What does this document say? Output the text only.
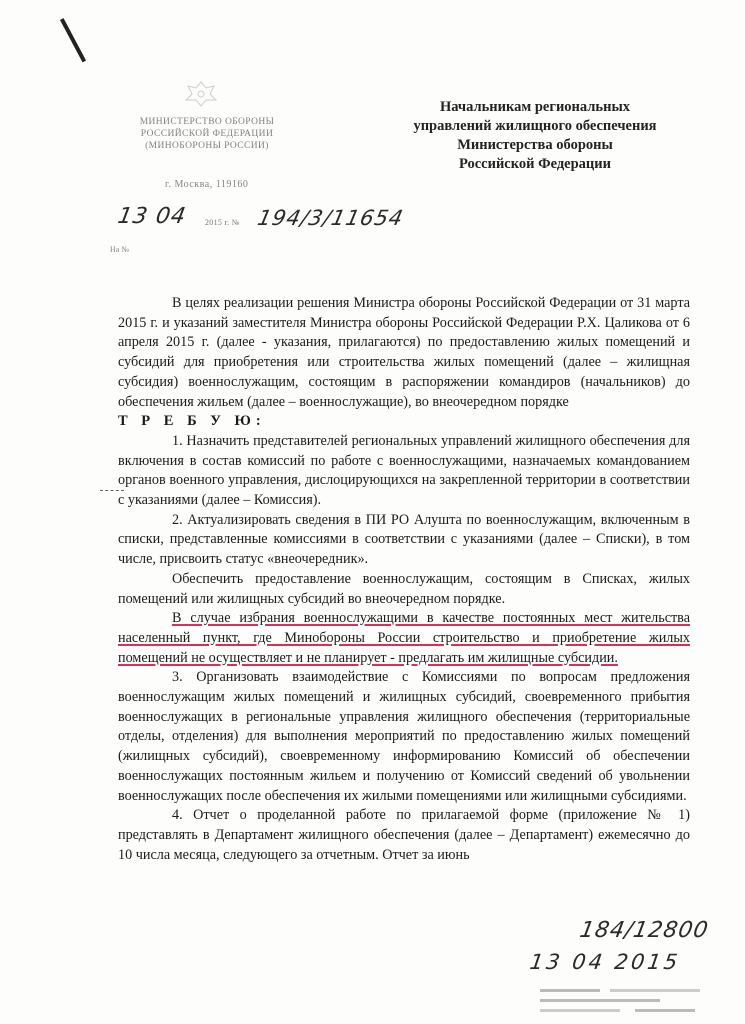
МИНИСТЕРСТВО ОБОРОНЫ
РОССИЙСКОЙ ФЕДЕРАЦИИ
(МИНОБОРОНЫ РОССИИ)
г. Москва, 119160
Начальникам региональных
управлений жилищного обеспечения
Министерства обороны
Российской Федерации
13 04 2015 г. № 194/3/11654
На №

В целях реализации решения Министра обороны Российской Федерации от 31 марта 2015 г. и указаний заместителя Министра обороны Российской Федерации Р.Х. Цаликова от 6 апреля 2015 г. (далее - указания, прилагаются) по предоставлению жилых помещений и субсидий для приобретения или строительства жилых помещений (далее – жилищная субсидия) военнослужащим, состоящим в распоряжении командиров (начальников) до обеспечения жильем (далее – военнослужащие), во внеочередном порядке

Т Р Е Б У Ю:

1. Назначить представителей региональных управлений жилищного обеспечения для включения в состав комиссий по работе с военнослужащими, назначаемых командованием органов военного управления, дислоцирующихся на закрепленной территории в соответствии с указаниями (далее – Комиссия).

2. Актуализировать сведения в ПИ РО Алушта по военнослужащим, включенным в списки, представленные комиссиями в соответствии с указаниями (далее – Списки), в том числе, присвоить статус «внеочередник».

Обеспечить предоставление военнослужащим, состоящим в Списках, жилых помещений или жилищных субсидий во внеочередном порядке.

В случае избрания военнослужащими в качестве постоянных мест жительства населенный пункт, где Минобороны России строительство и приобретение жилых помещений не осуществляет и не планирует - предлагать им жилищные субсидии.

3. Организовать взаимодействие с Комиссиями по вопросам предложения военнослужащим жилых помещений и жилищных субсидий, своевременного прибытия военнослужащих в региональные управления жилищного обеспечения (территориальные отделы, отделения) для выполнения мероприятий по предоставлению жилых помещений (жилищных субсидий), своевременному информированию Комиссий об обеспечении военнослужащих постоянным жильем и получению от Комиссий сведений об увольнении военнослужащих после обеспечения их жилыми помещениями или жилищными субсидиями.

4. Отчет о проделанной работе по прилагаемой форме (приложение № 1) представлять в Департамент жилищного обеспечения (далее – Департамент) ежемесячно до 10 числа месяца, следующего за отчетным. Отчет за июнь

184/12800
13 04 2015
